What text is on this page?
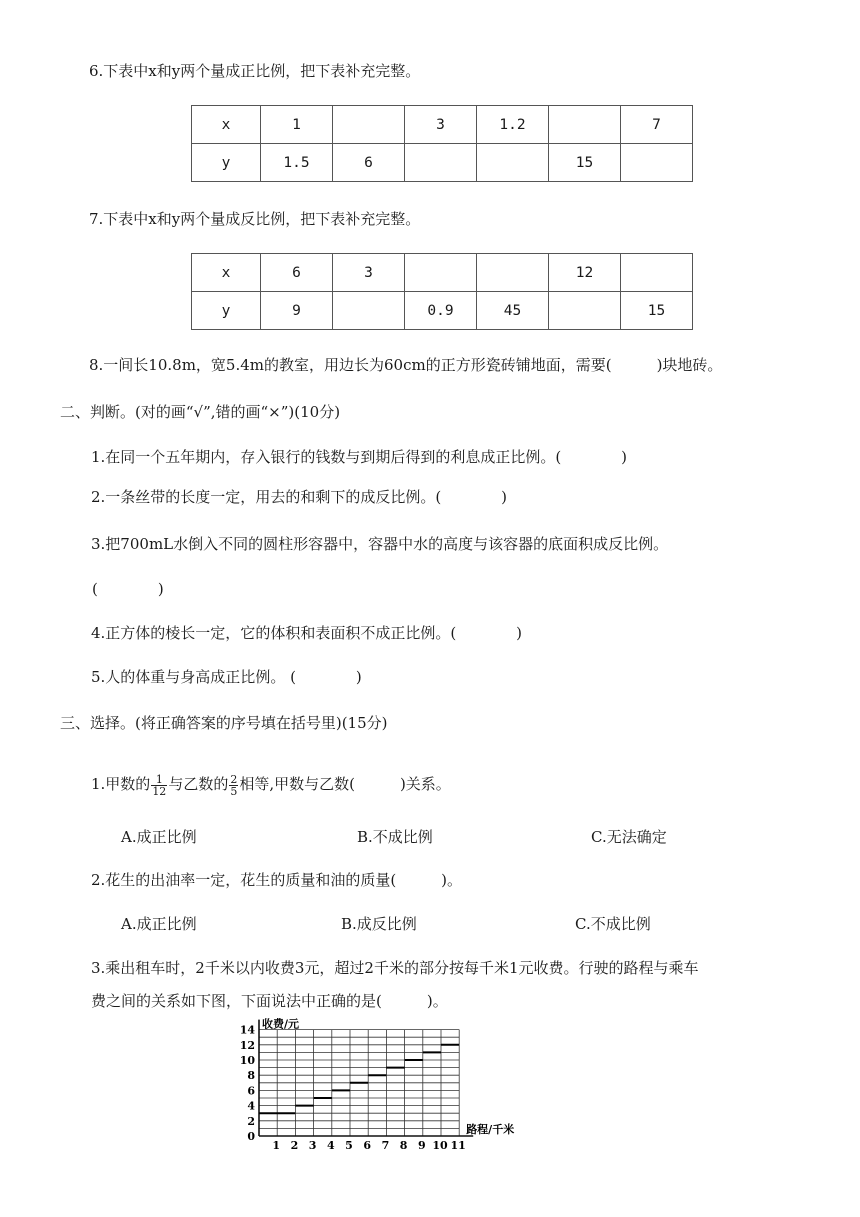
6.下表中x和y两个量成正比例，把下表补充完整。
x	1		3	1.2		7
y	1.5	6			15	
7.下表中x和y两个量成反比例，把下表补充完整。
x	6	3			12	
y	9		0.9	45		15
8.一间长10.8m，宽5.4m的教室，用边长为60cm的正方形瓷砖铺地面，需要(　　　)块地砖。
二、判断。(对的画“√”,错的画“×”)(10分)
1.在同一个五年期内，存入银行的钱数与到期后得到的利息成正比例。(　　　　)
2.一条丝带的长度一定，用去的和剩下的成反比例。(　　　　)
3.把700mL水倒入不同的圆柱形容器中，容器中水的高度与该容器的底面积成反比例。
(　　　　)
4.正方体的棱长一定，它的体积和表面积不成正比例。(　　　　)
5.人的体重与身高成正比例。 (　　　　)
三、选择。(将正确答案的序号填在括号里)(15分)
1.甲数的 $\frac{1}{12}$ 与乙数的 $\frac{2}{5}$ 相等,甲数与乙数(　　　)关系。
A.成正比例	B.不成比例	C.无法确定
2.花生的出油率一定，花生的质量和油的质量(　　　)。
A.成正比例	B.成反比例	C.不成比例
3.乘出租车时，2千米以内收费3元，超过2千米的部分按每千米1元收费。行驶的路程与乘车
费之间的关系如下图，下面说法中正确的是(　　　)。
1 2 3 4 5 6 7 8 9 10 11
0
2
4
6
8
10
12
14 收费/元
路程/千米
